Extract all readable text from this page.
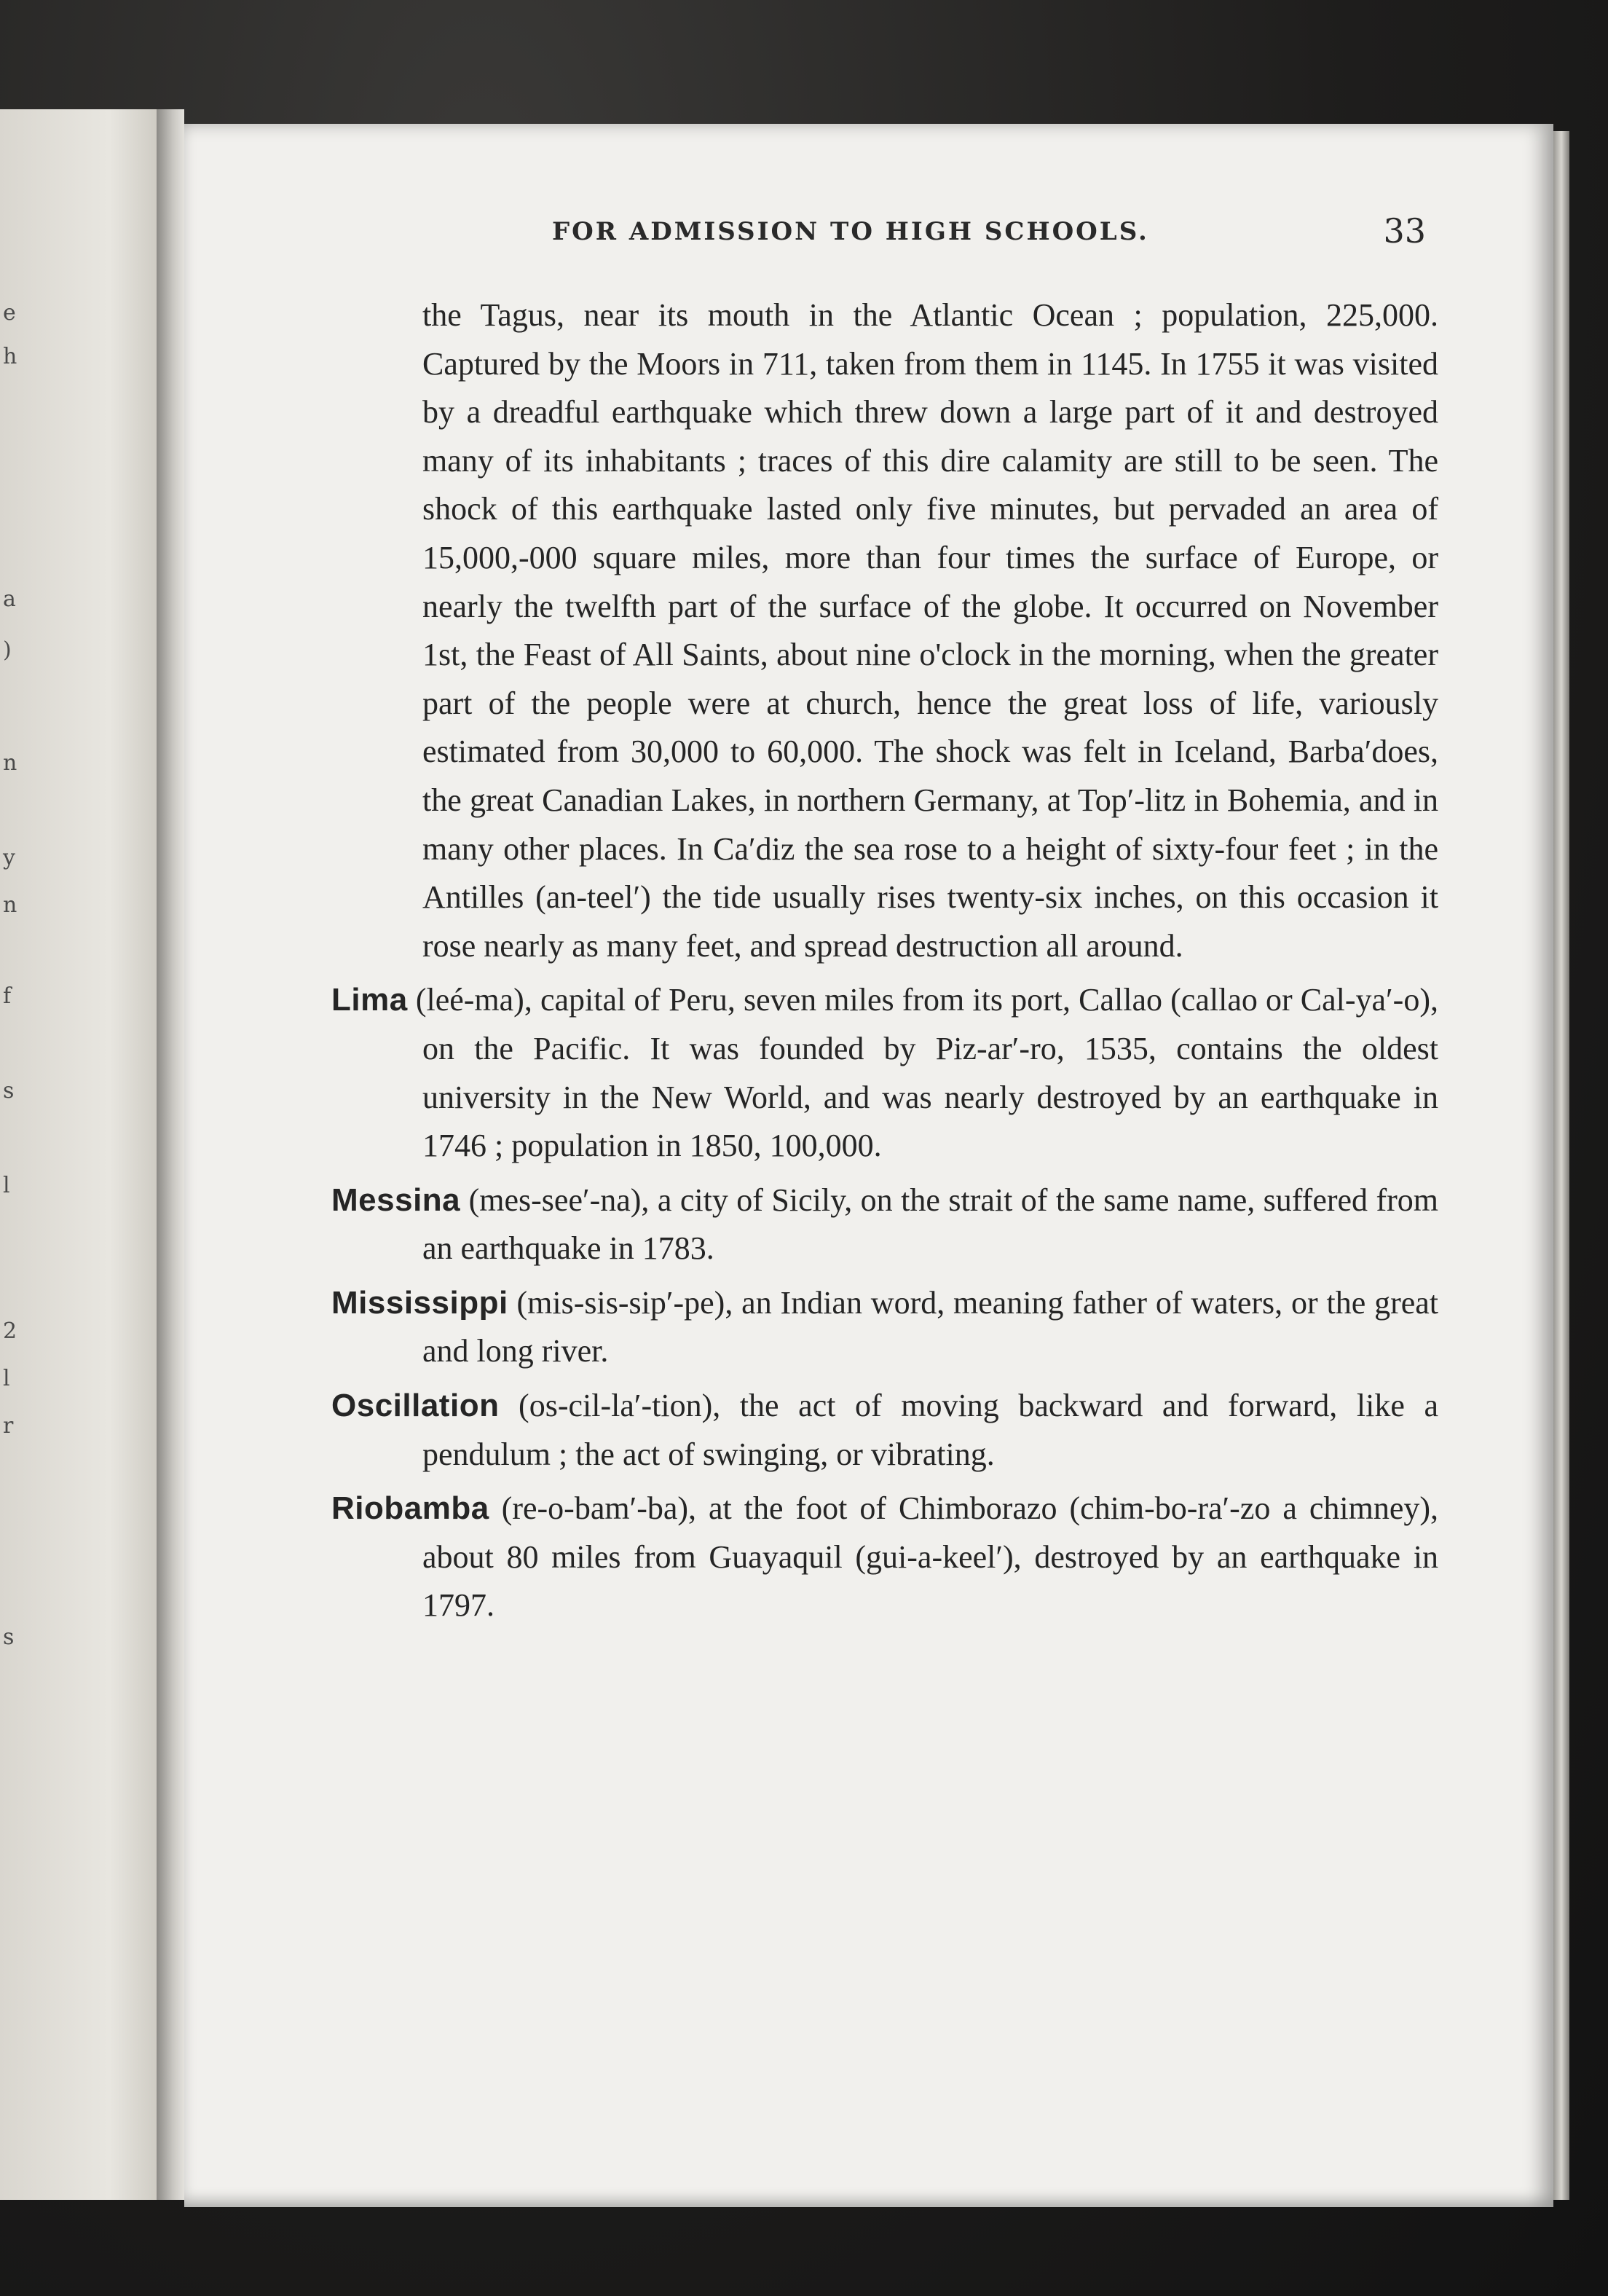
e
h
a
)
n
y
n
f
s
l
2
l
r
s
FOR ADMISSION TO HIGH SCHOOLS.	33

the Tagus, near its mouth in the Atlantic Ocean ; population, 225,000. Captured by the Moors in 711, taken from them in 1145. In 1755 it was visited by a dreadful earthquake which threw down a large part of it and destroyed many of its inhabitants ; traces of this dire calamity are still to be seen. The shock of this earthquake lasted only five minutes, but pervaded an area of 15,000,-000 square miles, more than four times the surface of Europe, or nearly the twelfth part of the surface of the globe. It occurred on November 1st, the Feast of All Saints, about nine o'clock in the morning, when the greater part of the people were at church, hence the great loss of life, variously estimated from 30,000 to 60,000. The shock was felt in Iceland, Barba′does, the great Canadian Lakes, in northern Germany, at Top′-litz in Bohemia, and in many other places. In Ca′diz the sea rose to a height of sixty-four feet ; in the Antilles (an-teel′) the tide usually rises twenty-six inches, on this occasion it rose nearly as many feet, and spread destruction all around.

Lima (leé-ma), capital of Peru, seven miles from its port, Callao (callao or Cal-ya′-o), on the Pacific. It was founded by Piz-ar′-ro, 1535, contains the oldest university in the New World, and was nearly destroyed by an earthquake in 1746 ; population in 1850, 100,000.

Messina (mes-see′-na), a city of Sicily, on the strait of the same name, suffered from an earthquake in 1783.

Mississippi (mis-sis-sip′-pe), an Indian word, meaning father of waters, or the great and long river.

Oscillation (os-cil-la′-tion), the act of moving backward and forward, like a pendulum ; the act of swinging, or vibrating.

Riobamba (re-o-bam′-ba), at the foot of Chimborazo (chim-bo-ra′-zo a chimney), about 80 miles from Guayaquil (gui-a-keel′), destroyed by an earthquake in 1797.
